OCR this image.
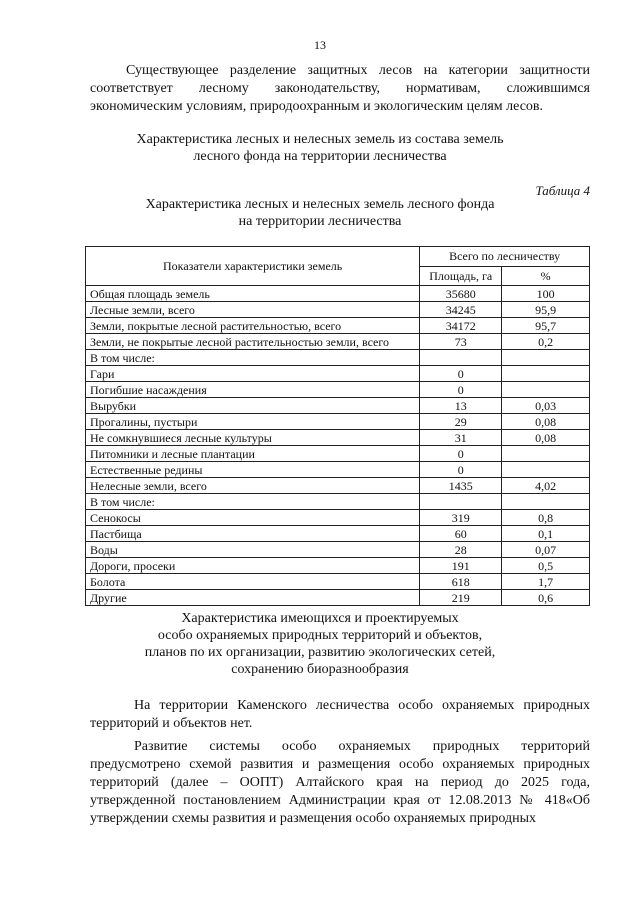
13

Существующее разделение защитных лесов на категории защитности соответствует лесному законодательству, нормативам, сложившимся экономическим условиям, природоохранным и экологическим целям лесов.

Характеристика лесных и нелесных земель из состава земель
лесного фонда на территории лесничества
Таблица 4
Характеристика лесных и нелесных земель лесного фонда
на территории лесничества
Показатели характеристики земель	Всего по лесничеству	
	Площадь, га	%
Общая площадь земель	35680	100
Лесные земли, всего	34245	95,9
Земли, покрытые лесной растительностью, всего	34172	95,7
Земли, не покрытые лесной растительностью земли, всего	73	0,2
В том числе:		
Гари	0	
Погибшие насаждения	0	
Вырубки	13	0,03
Прогалины, пустыри	29	0,08
Не сомкнувшиеся лесные культуры	31	0,08
Питомники и лесные плантации	0	
Естественные редины	0	
Нелесные земли, всего	1435	4,02
В том числе:		
Сенокосы	319	0,8
Пастбища	60	0,1
Воды	28	0,07
Дороги, просеки	191	0,5
Болота	618	1,7
Другие	219	0,6
Характеристика имеющихся и проектируемых
особо охраняемых природных территорий и объектов,
планов по их организации, развитию экологических сетей,
сохранению биоразнообразия

На территории Каменского лесничества особо охраняемых природных территорий и объектов нет.

Развитие системы особо охраняемых природных территорий предусмотрено схемой развития и размещения особо охраняемых природных территорий (далее – ООПТ) Алтайского края на период до 2025 года, утвержденной постановлением Администрации края от 12.08.2013 № 418«Об утверждении схемы развития и размещения особо охраняемых природных
